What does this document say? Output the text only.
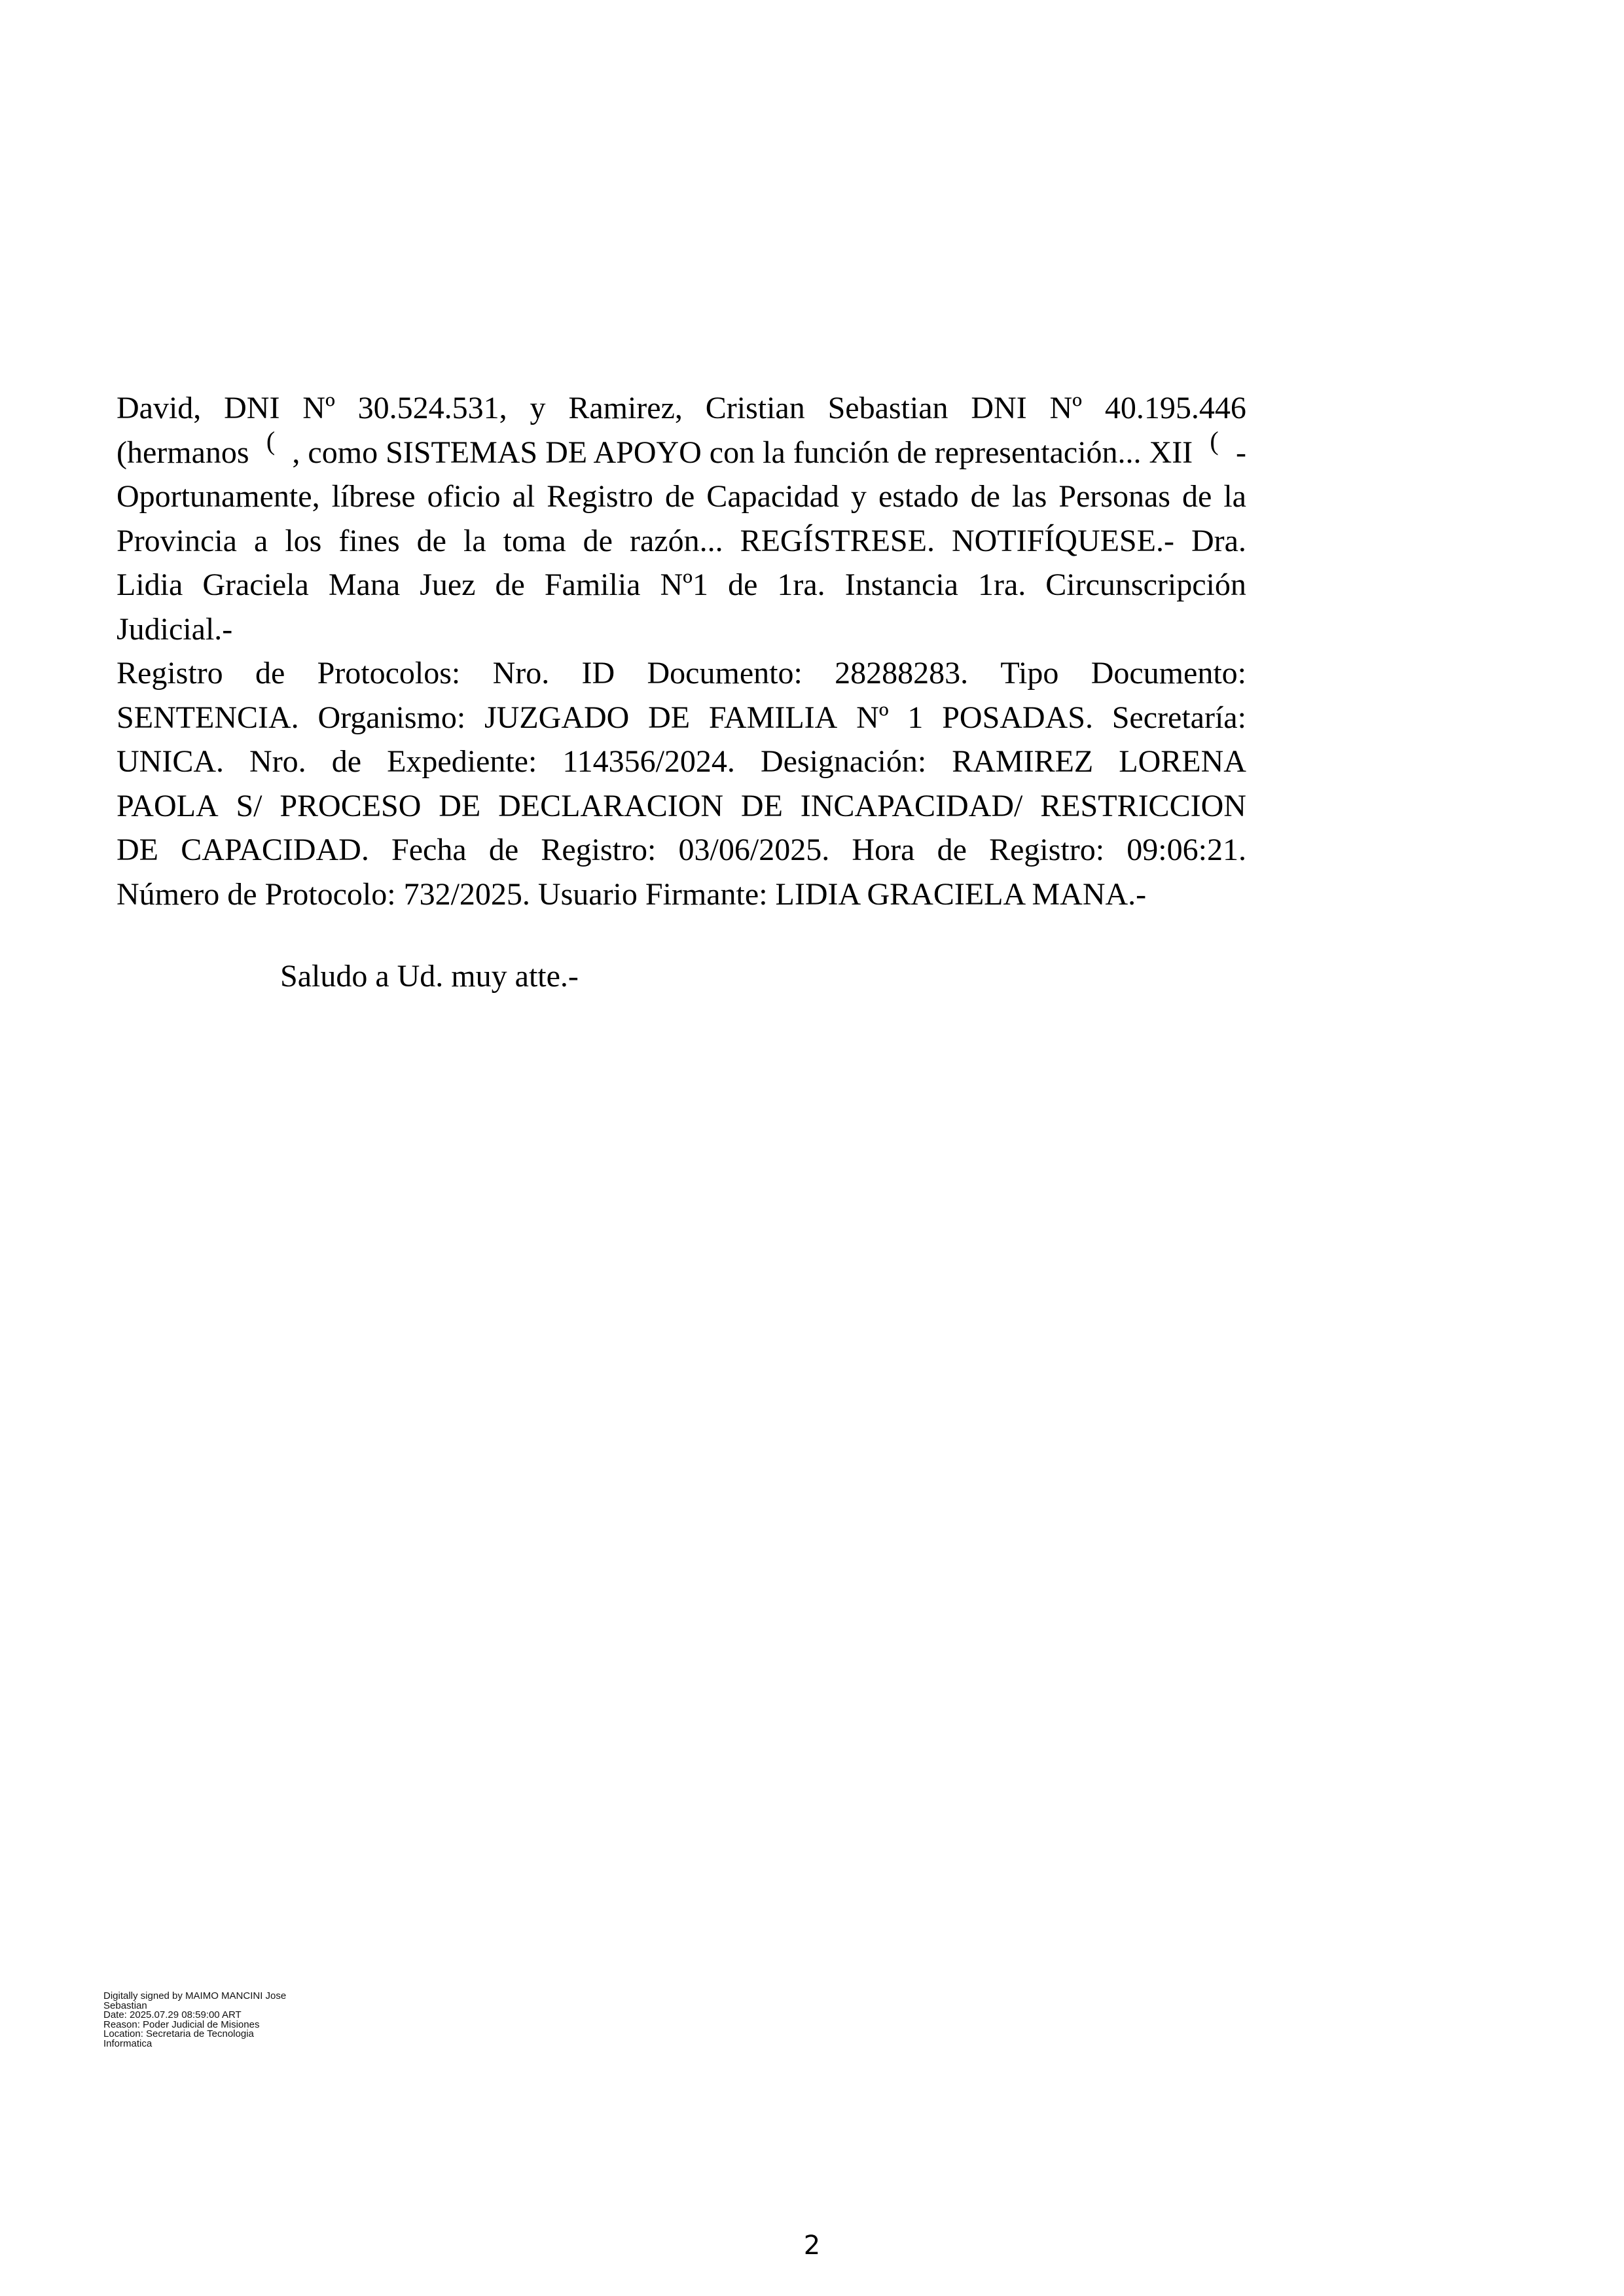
David, DNI Nº 30.524.531, y Ramirez, Cristian Sebastian DNI Nº 40.195.446
(hermanos ( , como SISTEMAS DE APOYO con la función de representación... XII ( -
Oportunamente, líbrese oficio al Registro de Capacidad y estado de las Personas de la
Provincia a los fines de la toma de razón... REGÍSTRESE. NOTIFÍQUESE.- Dra.
Lidia Graciela Mana Juez de Familia Nº1 de 1ra. Instancia 1ra. Circunscripción
Judicial.-
Registro de Protocolos: Nro. ID Documento: 28288283. Tipo Documento:
SENTENCIA. Organismo: JUZGADO DE FAMILIA Nº 1 POSADAS. Secretaría:
UNICA. Nro. de Expediente: 114356/2024. Designación: RAMIREZ LORENA
PAOLA S/ PROCESO DE DECLARACION DE INCAPACIDAD/ RESTRICCION
DE CAPACIDAD. Fecha de Registro: 03/06/2025. Hora de Registro: 09:06:21.
Número de Protocolo: 732/2025. Usuario Firmante: LIDIA GRACIELA MANA.-
Saludo a Ud. muy atte.-
Digitally signed by MAIMO MANCINI Jose
Sebastian
Date: 2025.07.29 08:59:00 ART
Reason: Poder Judicial de Misiones
Location: Secretaria de Tecnologia
Informatica
2
